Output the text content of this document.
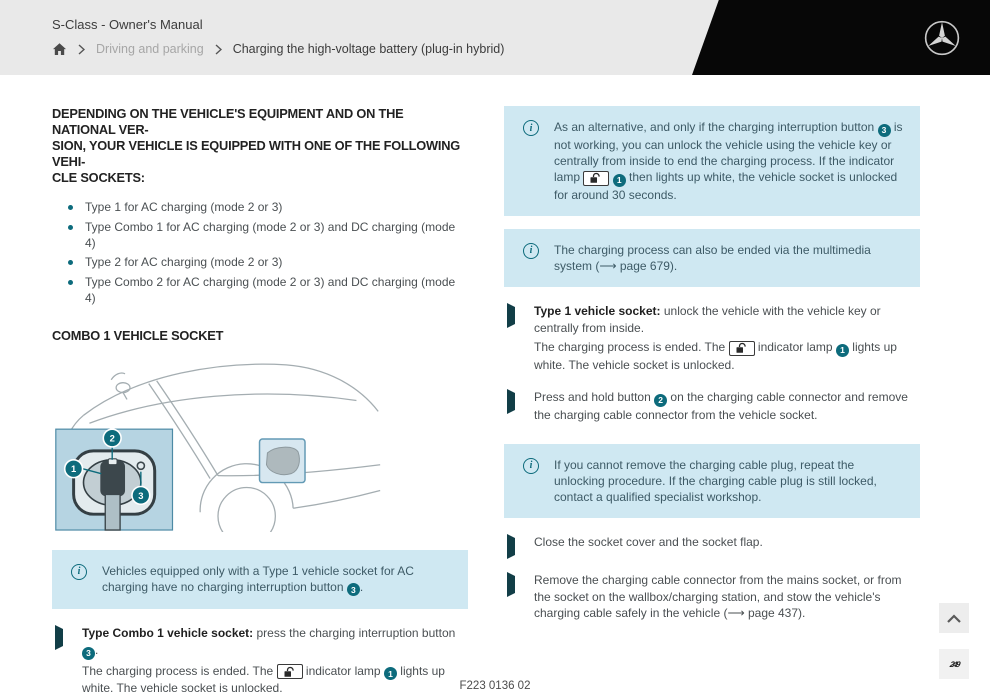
S-Class - Owner's Manual
Driving and parking Charging the high-voltage battery (plug-in hybrid)
DEPENDING ON THE VEHICLE'S EQUIPMENT AND ON THE NATIONAL VER-
SION, YOUR VEHICLE IS EQUIPPED WITH ONE OF THE FOLLOWING VEHI-
CLE SOCKETS:
Type 1 for AC charging (mode 2 or 3)
Type Combo 1 for AC charging (mode 2 or 3) and DC charging (mode 4)
Type 2 for AC charging (mode 2 or 3)
Type Combo 2 for AC charging (mode 2 or 3) and DC charging (mode 4)
COMBO 1 VEHICLE SOCKET
2
1
3
i	Vehicles equipped only with a Type 1 vehicle socket for AC charging have no charging interruption button 3 .
Type Combo 1 vehicle socket: press the charging interruption button 3 .
The charging process is ended. The
indicator lamp 1 lights up white. The vehicle socket is unlocked.
i	As an alternative, and only if the charging interruption button 3 is not working, you can unlock the vehicle using the vehicle key or centrally from inside to end the charging process. If the indicator lamp	1 then lights up white, the vehicle socket is unlocked for around 30 seconds.
i	The charging process can also be ended via the multimedia system (⟶ page 679).
Type 1 vehicle socket: unlock the vehicle with the vehicle key or centrally from inside.
The charging process is ended. The
indicator lamp 1 lights up white. The vehicle socket is unlocked.
Press and hold button 2 on the charging cable connector and remove the charging cable connector from the vehicle socket.
i	If you cannot remove the charging cable plug, repeat the unlocking procedure. If the charging cable plug is still locked, contact a qualified specialist workshop.
Close the socket cover and the socket flap.
Remove the charging cable connector from the mains socket, or from the socket on the wallbox/charging station, and stow the vehicle's charging cable safely in the vehicle (⟶ page 437).
F223 0136 02
249
